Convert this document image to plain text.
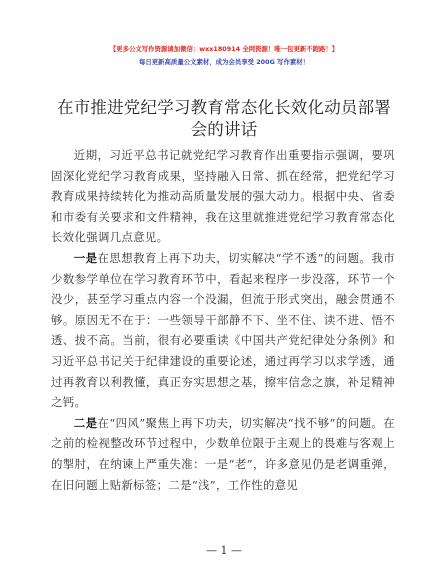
【更多公文写作资源请加微信：wxx180914 全网资源！唯一包更新不跑路！】
每日更新高质量公文素材，成为会员享受 200G 写作素材！
在市推进党纪学习教育常态化长效化动员部署会的讲话

近期，习近平总书记就党纪学习教育作出重要指示强调，要巩固深化党纪学习教育成果，坚持融入日常、抓在经常，把党纪学习教育成果持续转化为推动高质量发展的强大动力。根据中央、省委和市委有关要求和文件精神，我在这里就推进党纪学习教育常态化长效化强调几点意见。

一是在思想教育上再下功夫，切实解决“学不透”的问题。我市少数参学单位在学习教育环节中，看起来程序一步没落，环节一个没少，甚至学习重点内容一个没漏，但流于形式突出，融会贯通不够。原因无不在于：一些领导干部静不下、坐不住、读不进、悟不透、拔不高。当前，很有必要重读《中国共产党纪律处分条例》和习近平总书记关于纪律建设的重要论述，通过再学习以求学透，通过再教育以利教懂，真正夯实思想之基，擦牢信念之旗，补足精神之钙。

二是在“四风”聚焦上再下功夫，切实解决“找不够”的问题。在之前的检视整改环节过程中，少数单位限于主观上的畏难与客观上的掣肘，在纳谏上严重失准：一是“老”，许多意见仍是老调重弹，在旧问题上贴新标签；二是“浅”，工作性的意见

— 1 —
